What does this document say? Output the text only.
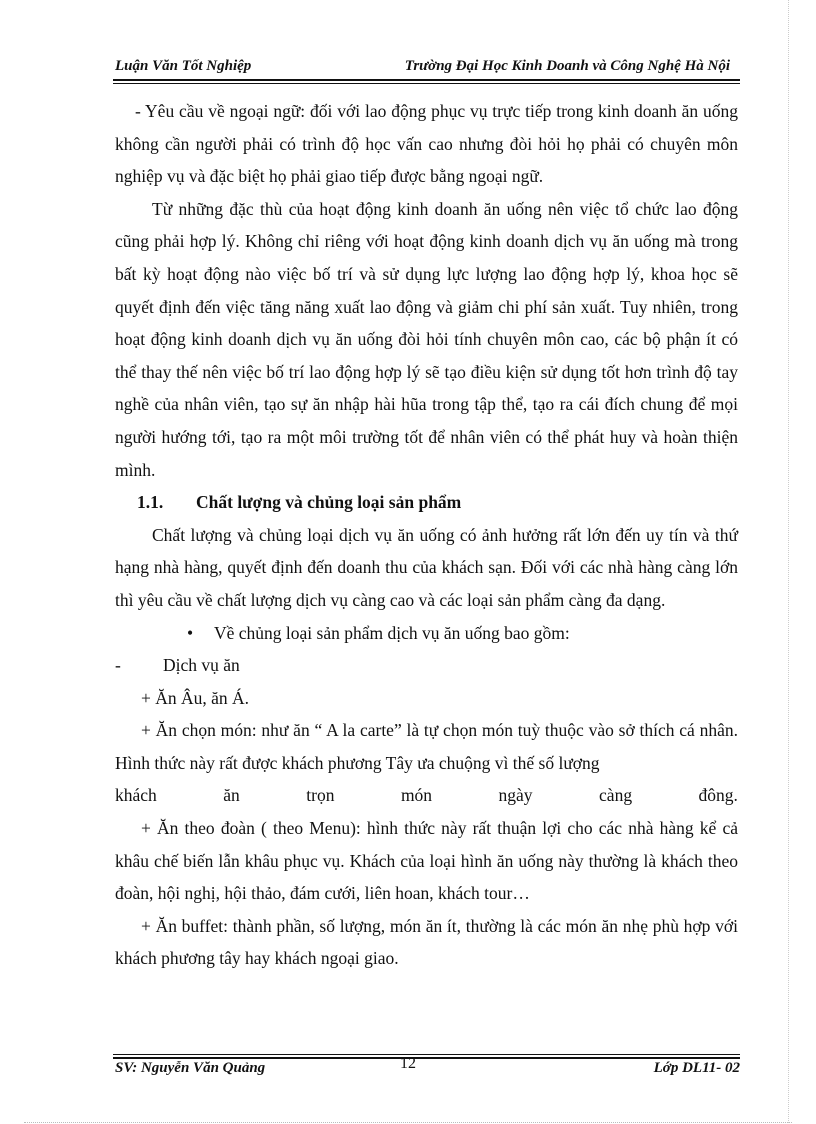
Luận Văn Tốt Nghiệp	Trường Đại Học Kinh Doanh và Công Nghệ Hà Nội

- Yêu cầu về ngoại ngữ: đối với lao động phục vụ trực tiếp trong kinh doanh ăn uống không cần người phải có trình độ học vấn cao nhưng đòi hỏi họ phải có chuyên môn nghiệp vụ và đặc biệt họ phải giao tiếp được bằng ngoại ngữ.

Từ những đặc thù của hoạt động kinh doanh ăn uống nên việc tổ chức lao động cũng phải hợp lý. Không chỉ riêng với hoạt động kinh doanh dịch vụ ăn uống mà trong bất kỳ hoạt động nào việc bố trí và sử dụng lực lượng lao động hợp lý, khoa học sẽ quyết định đến việc tăng năng xuất lao động và giảm chi phí sản xuất. Tuy nhiên, trong hoạt động kinh doanh dịch vụ ăn uống đòi hỏi tính chuyên môn cao, các bộ phận ít có thể thay thế nên việc bố trí lao động hợp lý sẽ tạo điều kiện sử dụng tốt hơn trình độ tay nghề của nhân viên, tạo sự ăn nhập hài hũa trong tập thể, tạo ra cái đích chung để mọi người hướng tới, tạo ra một môi trường tốt để nhân viên có thể phát huy và hoàn thiện mình.

1.1. Chất lượng và chủng loại sản phẩm

Chất lượng và chủng loại dịch vụ ăn uống có ảnh hưởng rất lớn đến uy tín và thứ hạng nhà hàng, quyết định đến doanh thu của khách sạn. Đối với các nhà hàng càng lớn thì yêu cầu về chất lượng dịch vụ càng cao và các loại sản phẩm càng đa dạng.

• Về chủng loại sản phẩm dịch vụ ăn uống bao gồm:

- Dịch vụ ăn

+ Ăn Âu, ăn Á.

+ Ăn chọn món: như ăn “ A la carte” là tự chọn món tuỳ thuộc vào sở thích cá nhân. Hình thức này rất được khách phương Tây ưa chuộng vì thế số lượng

khách	ăn	trọn	món	ngày	càng	đông.

+ Ăn theo đoàn ( theo Menu): hình thức này rất thuận lợi cho các nhà hàng kể cả khâu chế biến lẫn khâu phục vụ. Khách của loại hình ăn uống này thường là khách theo đoàn, hội nghị, hội thảo, đám cưới, liên hoan, khách tour…

+ Ăn buffet: thành phần, số lượng, món ăn ít, thường là các món ăn nhẹ phù hợp với khách phương tây hay khách ngoại giao.

SV: Nguyễn Văn Quảng	Lớp DL11- 02
12
